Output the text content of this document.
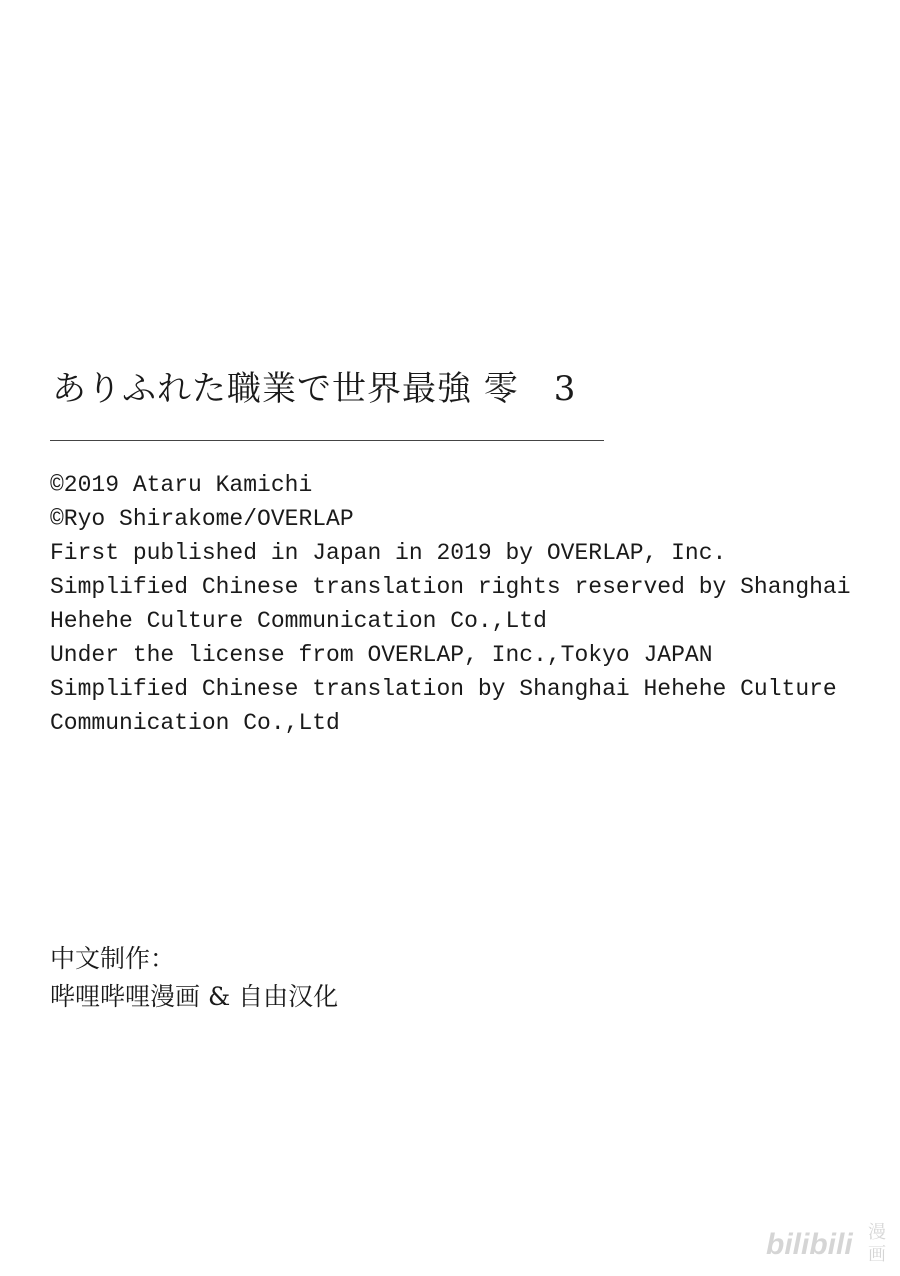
ありふれた職業で世界最強 零　3
©2019 Ataru Kamichi
©Ryo Shirakome/OVERLAP
First published in Japan in 2019 by OVERLAP, Inc.
Simplified Chinese translation rights reserved by Shanghai
Hehehe Culture Communication Co.,Ltd
Under the license from OVERLAP, Inc.,Tokyo JAPAN
Simplified Chinese translation by Shanghai Hehehe Culture
Communication Co.,Ltd
中文制作：
哔哩哔哩漫画 & 自由汉化
bilibili 漫
画
